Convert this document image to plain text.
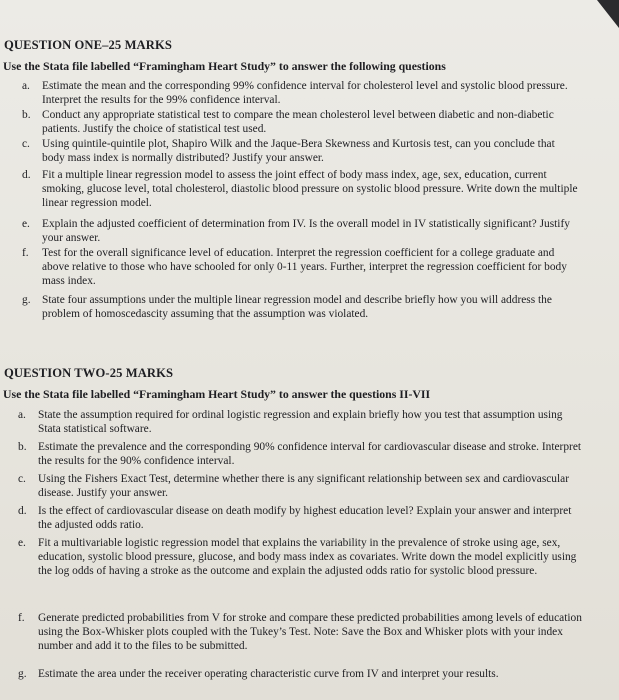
QUESTION ONE–25 MARKS
Use the Stata file labelled “Framingham Heart Study” to answer the following questions
a.	Estimate the mean and the corresponding 99% confidence interval for cholesterol level and systolic blood pressure. Interpret the results for the 99% confidence interval.
b.	Conduct any appropriate statistical test to compare the mean cholesterol level between diabetic and non-diabetic patients. Justify the choice of statistical test used.
c.	Using quintile-quintile plot, Shapiro Wilk and the Jaque-Bera Skewness and Kurtosis test, can you conclude that body mass index is normally distributed? Justify your answer.
d.	Fit a multiple linear regression model to assess the joint effect of body mass index, age, sex, education, current smoking, glucose level, total cholesterol, diastolic blood pressure on systolic blood pressure. Write down the multiple linear regression model.
e.	Explain the adjusted coefficient of determination from IV. Is the overall model in IV statistically significant? Justify your answer.
f.	Test for the overall significance level of education. Interpret the regression coefficient for a college graduate and above relative to those who have schooled for only 0-11 years. Further, interpret the regression coefficient for body mass index.
g.	State four assumptions under the multiple linear regression model and describe briefly how you will address the problem of homoscedascity assuming that the assumption was violated.
QUESTION TWO-25 MARKS
Use the Stata file labelled “Framingham Heart Study” to answer the questions II-VII
a.	State the assumption required for ordinal logistic regression and explain briefly how you test that assumption using Stata statistical software.
b.	Estimate the prevalence and the corresponding 90% confidence interval for cardiovascular disease and stroke. Interpret the results for the 90% confidence interval.
c.	Using the Fishers Exact Test, determine whether there is any significant relationship between sex and cardiovascular disease. Justify your answer.
d.	Is the effect of cardiovascular disease on death modify by highest education level? Explain your answer and interpret the adjusted odds ratio.
e.	Fit a multivariable logistic regression model that explains the variability in the prevalence of stroke using age, sex, education, systolic blood pressure, glucose, and body mass index as covariates. Write down the model explicitly using the log odds of having a stroke as the outcome and explain the adjusted odds ratio for systolic blood pressure.
f.	Generate predicted probabilities from V for stroke and compare these predicted probabilities among levels of education using the Box-Whisker plots coupled with the Tukey’s Test. Note: Save the Box and Whisker plots with your index number and add it to the files to be submitted.
g.	Estimate the area under the receiver operating characteristic curve from IV and interpret your results.
